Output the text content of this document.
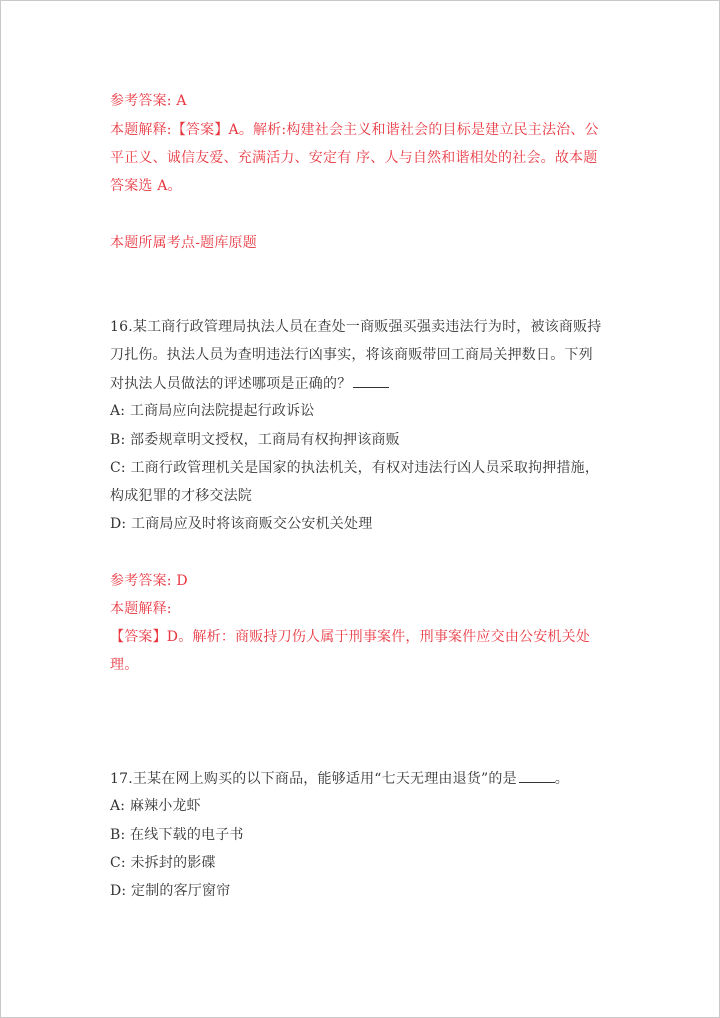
参考答案: A
本题解释:【答案】A。解析:构建社会主义和谐社会的目标是建立民主法治、公
平正义、诚信友爱、充满活力、安定有 序、人与自然和谐相处的社会。故本题
答案选 A。
本题所属考点-题库原题
16.某工商行政管理局执法人员在查处一商贩强买强卖违法行为时，被该商贩持
刀扎伤。执法人员为查明违法行凶事实，将该商贩带回工商局关押数日。下列
对执法人员做法的评述哪项是正确的？
A: 工商局应向法院提起行政诉讼
B: 部委规章明文授权，工商局有权拘押该商贩
C: 工商行政管理机关是国家的执法机关，有权对违法行凶人员采取拘押措施，
构成犯罪的才移交法院
D: 工商局应及时将该商贩交公安机关处理
参考答案: D
本题解释:
【答案】D。解析：商贩持刀伤人属于刑事案件，刑事案件应交由公安机关处
理。
17.王某在网上购买的以下商品，能够适用“七天无理由退货”的是	。
A: 麻辣小龙虾
B: 在线下载的电子书
C: 未拆封的影碟
D: 定制的客厅窗帘
